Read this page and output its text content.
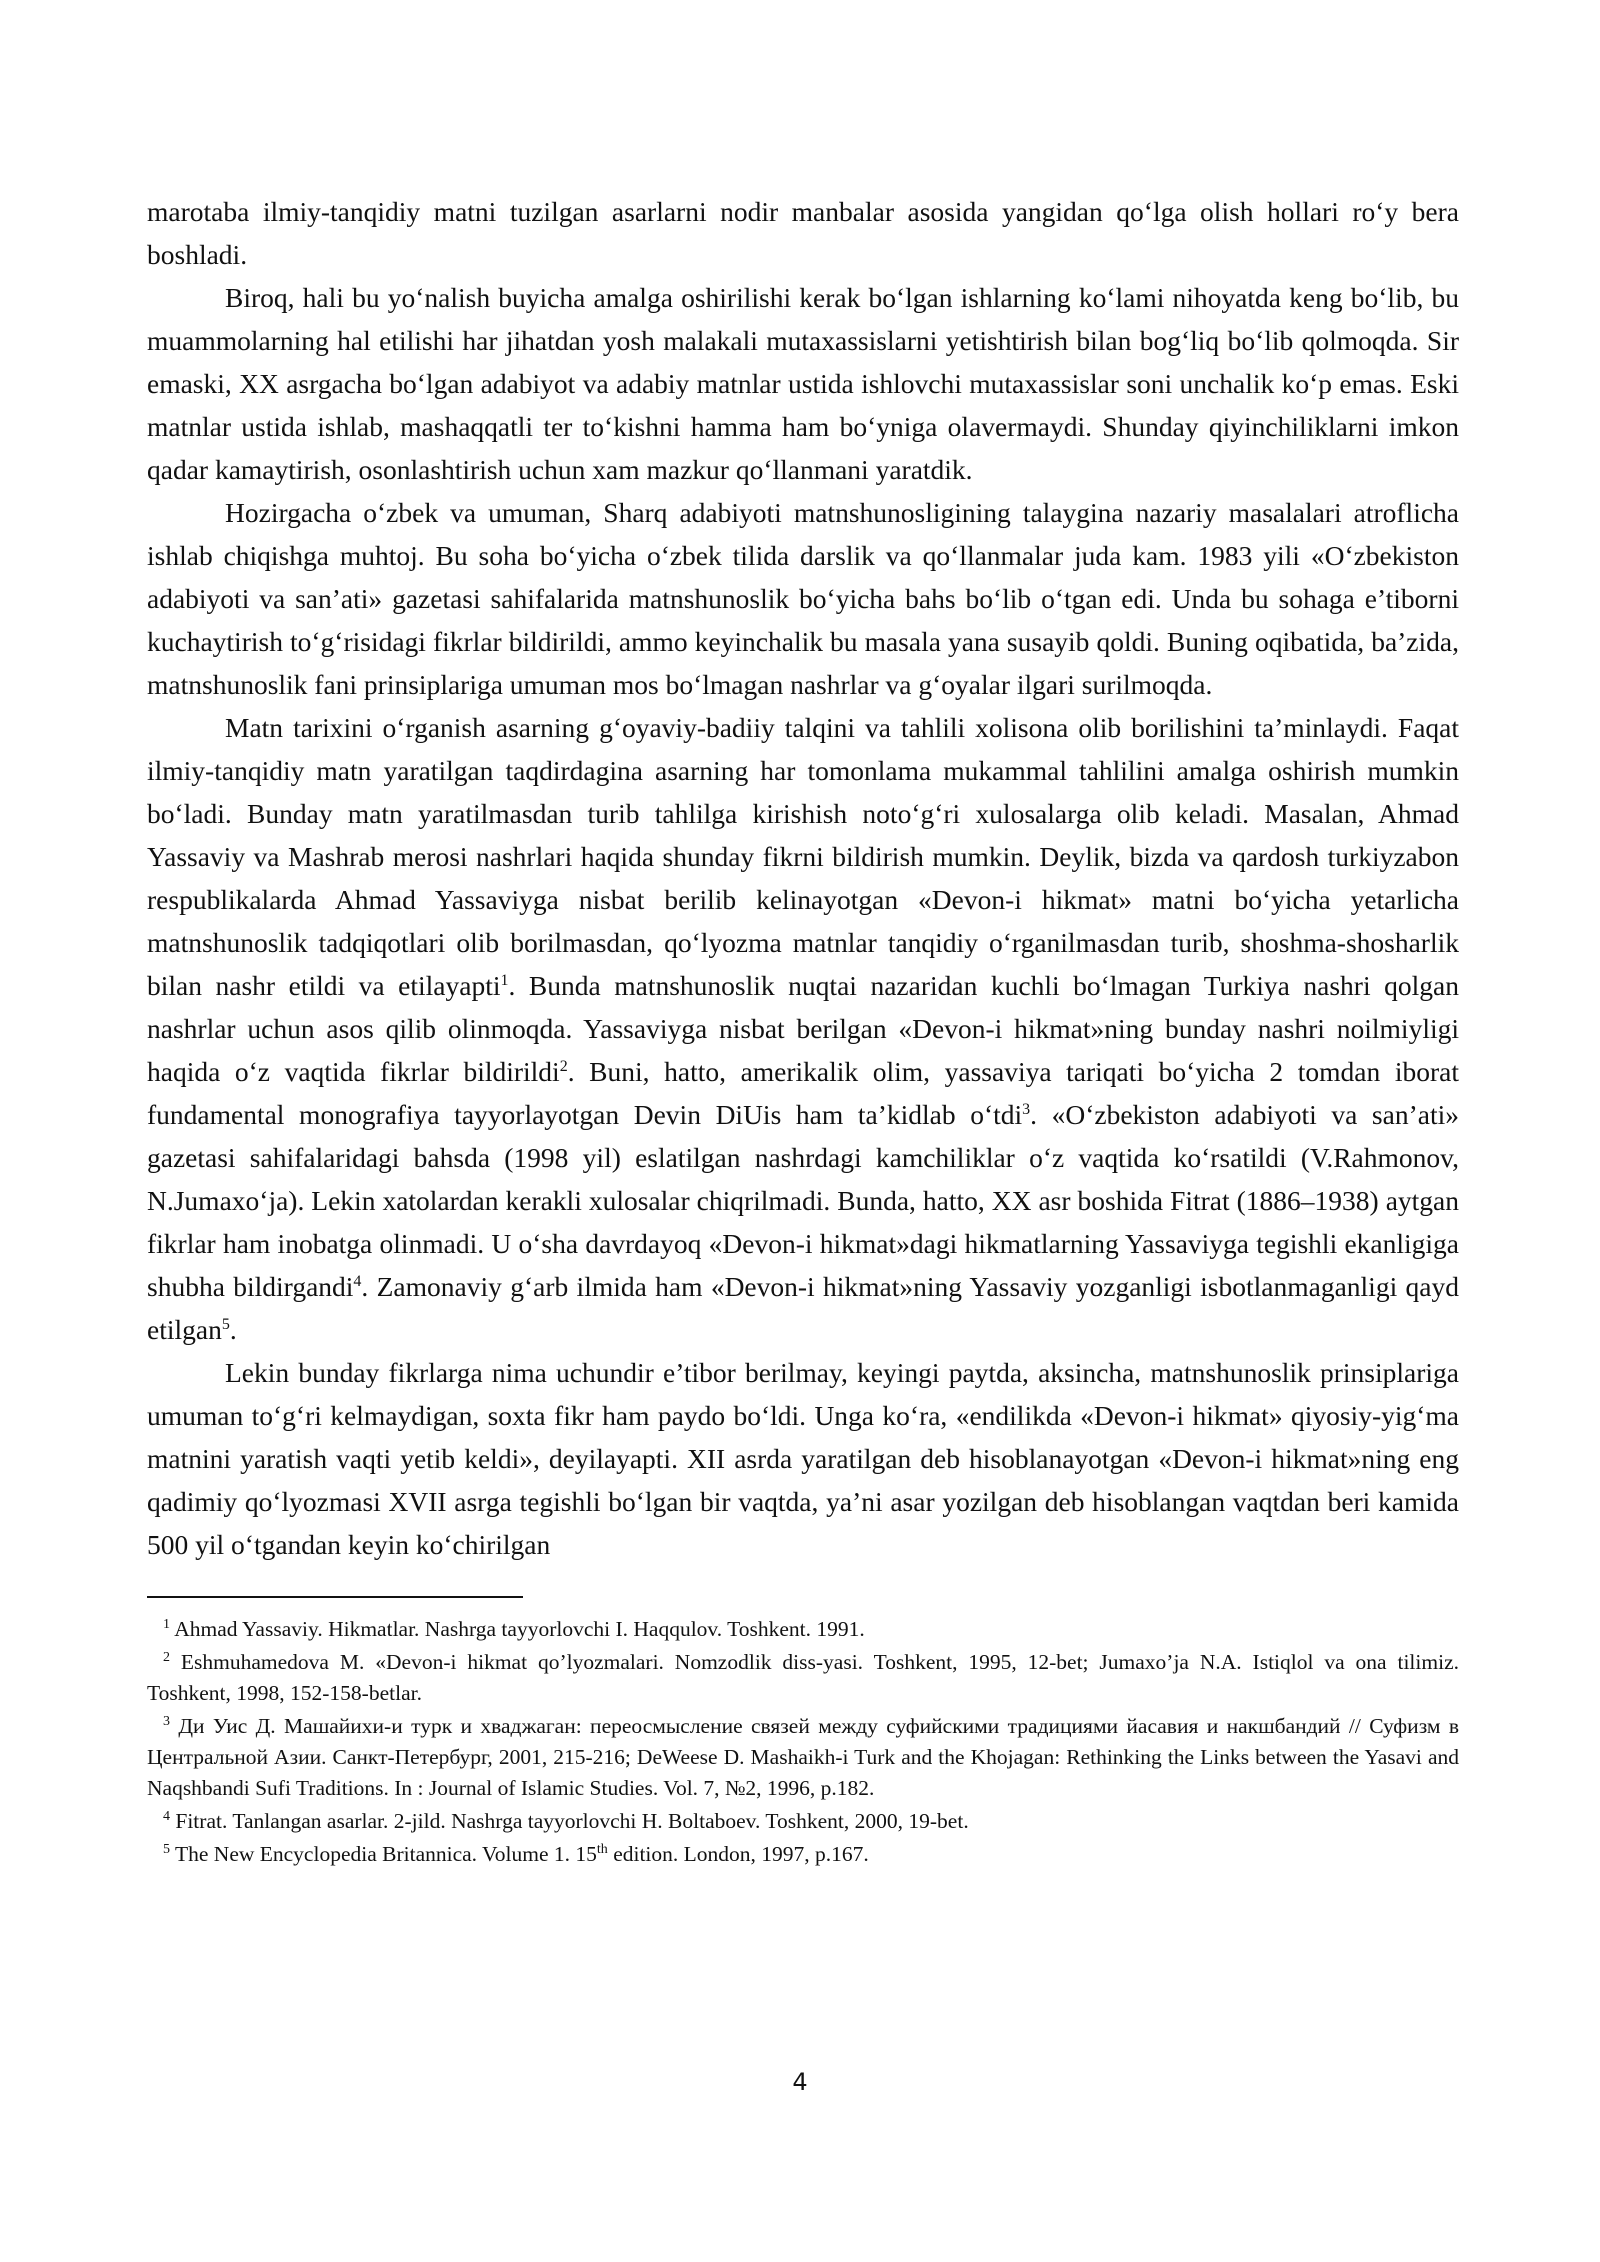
marotaba ilmiy-tanqidiy matni tuzilgan asarlarni nodir manbalar asosida yangidan qo‘lga olish hollari ro‘y bera boshladi.

Biroq, hali bu yo‘nalish buyicha amalga oshirilishi kerak bo‘lgan ishlarning ko‘lami nihoyatda keng bo‘lib, bu muammolarning hal etilishi har jihatdan yosh malakali mutaxassislarni yetishtirish bilan bog‘liq bo‘lib qolmoqda. Sir emaski, XX asrgacha bo‘lgan adabiyot va adabiy matnlar ustida ishlovchi mutaxassislar soni unchalik ko‘p emas. Eski matnlar ustida ishlab, mashaqqatli ter to‘kishni hamma ham bo‘yniga olavermaydi. Shunday qiyinchiliklarni imkon qadar kamaytirish, osonlashtirish uchun xam mazkur qo‘llanmani yaratdik.

Hozirgacha o‘zbek va umuman, Sharq adabiyoti matnshunosligining talaygina nazariy masalalari atroflicha ishlab chiqishga muhtoj. Bu soha bo‘yicha o‘zbek tilida darslik va qo‘llanmalar juda kam. 1983 yili «O‘zbekiston adabiyoti va san’ati» gazetasi sahifalarida matnshunoslik bo‘yicha bahs bo‘lib o‘tgan edi. Unda bu sohaga e’tiborni kuchaytirish to‘g‘risidagi fikrlar bildirildi, ammo keyinchalik bu masala yana susayib qoldi. Buning oqibatida, ba’zida, matnshunoslik fani prinsiplariga umuman mos bo‘lmagan nashrlar va g‘oyalar ilgari surilmoqda.

Matn tarixini o‘rganish asarning g‘oyaviy-badiiy talqini va tahlili xolisona olib borilishini ta’minlaydi. Faqat ilmiy-tanqidiy matn yaratilgan taqdirdagina asarning har tomonlama mukammal tahlilini amalga oshirish mumkin bo‘ladi. Bunday matn yaratilmasdan turib tahlilga kirishish noto‘g‘ri xulosalarga olib keladi. Masalan, Ahmad Yassaviy va Mashrab merosi nashrlari haqida shunday fikrni bildirish mumkin. Deylik, bizda va qardosh turkiyzabon respublikalarda Ahmad Yassaviyga nisbat berilib kelinayotgan «Devon-i hikmat» matni bo‘yicha yetarlicha matnshunoslik tadqiqotlari olib borilmasdan, qo‘lyozma matnlar tanqidiy o‘rganilmasdan turib, shoshma-shosharlik bilan nashr etildi va etilayapti$^1$. Bunda matnshunoslik nuqtai nazaridan kuchli bo‘lmagan Turkiya nashri qolgan nashrlar uchun asos qilib olinmoqda. Yassaviyga nisbat berilgan «Devon-i hikmat»ning bunday nashri noilmiyligi haqida o‘z vaqtida fikrlar bildirildi$^2$. Buni, hatto, amerikalik olim, yassaviya tariqati bo‘yicha 2 tomdan iborat fundamental monografiya tayyorlayotgan Devin DiUis ham ta’kidlab o‘tdi$^3$. «O‘zbekiston adabiyoti va san’ati» gazetasi sahifalaridagi bahsda (1998 yil) eslatilgan nashrdagi kamchiliklar o‘z vaqtida ko‘rsatildi (V.Rahmonov, N.Jumaxo‘ja). Lekin xatolardan kerakli xulosalar chiqrilmadi. Bunda, hatto, XX asr boshida Fitrat (1886–1938) aytgan fikrlar ham inobatga olinmadi. U o‘sha davrdayoq «Devon-i hikmat»dagi hikmatlarning Yassaviyga tegishli ekanligiga shubha bildirgandi$^4$. Zamonaviy g‘arb ilmida ham «Devon-i hikmat»ning Yassaviy yozganligi isbotlanmaganligi qayd etilgan$^5$.

Lekin bunday fikrlarga nima uchundir e’tibor berilmay, keyingi paytda, aksincha, matnshunoslik prinsiplariga umuman to‘g‘ri kelmaydigan, soxta fikr ham paydo bo‘ldi. Unga ko‘ra, «endilikda «Devon-i hikmat» qiyosiy-yig‘ma matnini yaratish vaqti yetib keldi», deyilayapti. XII asrda yaratilgan deb hisoblanayotgan «Devon-i hikmat»ning eng qadimiy qo‘lyozmasi XVII asrga tegishli bo‘lgan bir vaqtda, ya’ni asar yozilgan deb hisoblangan vaqtdan beri kamida 500 yil o‘tgandan keyin ko‘chirilgan

$^1$ Ahmad Yassaviy. Hikmatlar. Nashrga tayyorlovchi I. Haqqulov. Toshkent. 1991.

$^2$ Eshmuhamedova M. «Devon-i hikmat qo’lyozmalari. Nomzodlik diss-yasi. Toshkent, 1995, 12-bet; Jumaxo’ja N.A. Istiqlol va ona tilimiz. Toshkent, 1998, 152-158-betlar.

$^3$ Ди Уис Д. Машайихи-и турк и хваджаган: переосмысление связей между суфийскими традициями йасавия и накшбандий // Суфизм в Центральной Азии. Санкт-Петербург, 2001, 215-216; DeWeese D. Mashaikh-i Turk and the Khojagan: Rethinking the Links between the Yasavi and Naqshbandi Sufi Traditions. In : Journal of Islamic Studies. Vol. 7, №2, 1996, p.182.

$^4$ Fitrat. Tanlangan asarlar. 2-jild. Nashrga tayyorlovchi H. Boltaboev. Toshkent, 2000, 19-bet.

$^5$ The New Encyclopedia Britannica. Volume 1. 15th edition. London, 1997, p.167.

4
